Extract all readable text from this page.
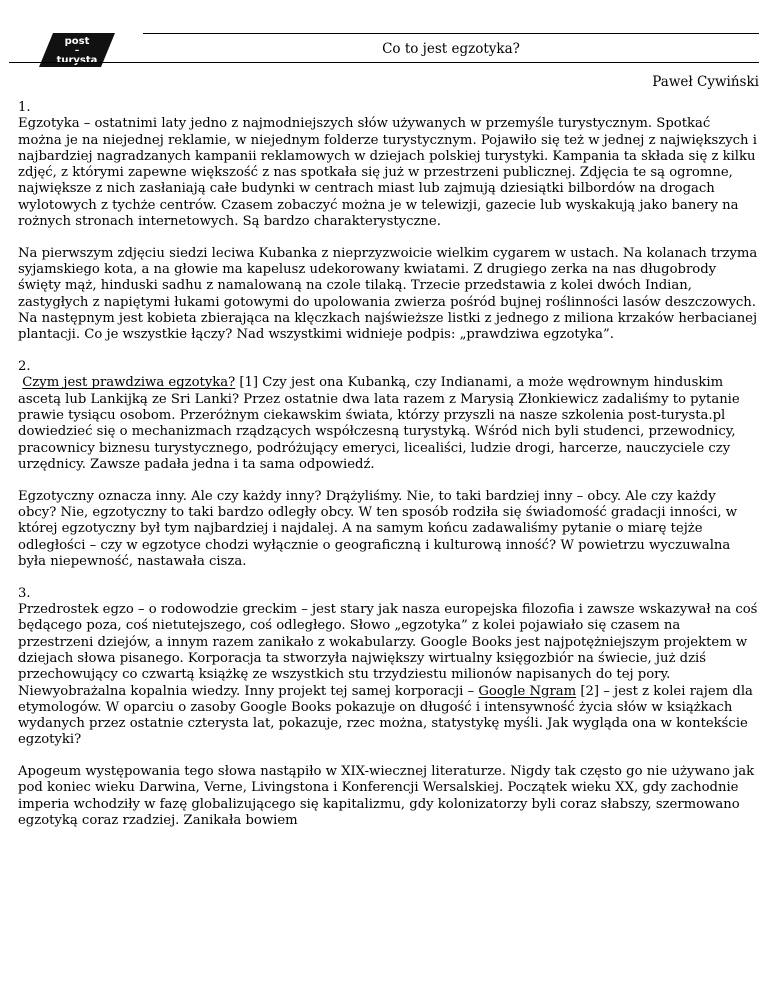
post
–
turysta
Co to jest egzotyka?
Paweł Cywiński
1.
Egzotyka – ostatnimi laty jedno z najmodniejszych słów używanych w przemyśle turystycznym. Spotkać można je na niejednej reklamie, w niejednym folderze turystycznym. Pojawiło się też w jednej z największych i najbardziej nagradzanych kampanii reklamowych w dziejach polskiej turystyki. Kampania ta składa się z kilku zdjęć, z którymi zapewne większość z nas spotkała się już w przestrzeni publicznej. Zdjęcia te są ogromne, największe z nich zasłaniają całe budynki w centrach miast lub zajmują dziesiątki bilbordów na drogach wylotowych z tychże centrów. Czasem zobaczyć można je w telewizji, gazecie lub wyskakują jako banery na rożnych stronach internetowych. Są bardzo charakterystyczne.
Na pierwszym zdjęciu siedzi leciwa Kubanka z nieprzyzwoicie wielkim cygarem w ustach. Na kolanach trzyma syjamskiego kota, a na głowie ma kapelusz udekorowany kwiatami. Z drugiego zerka na nas długobrody święty mąż, hinduski sadhu z namalowaną na czole tilaką. Trzecie przedstawia z kolei dwóch Indian, zastygłych z napiętymi łukami gotowymi do upolowania zwierza pośród bujnej roślinności lasów deszczowych. Na następnym jest kobieta zbierająca na klęczkach najświeższe listki z jednego z miliona krzaków herbacianej plantacji. Co je wszystkie łączy? Nad wszystkimi widnieje podpis: „prawdziwa egzotyka”.
2.
Czym jest prawdziwa egzotyka? [1] Czy jest ona Kubanką, czy Indianami, a może wędrownym hinduskim ascetą lub Lankijką ze Sri Lanki? Przez ostatnie dwa lata razem z Marysią Złonkiewicz zadaliśmy to pytanie prawie tysiącu osobom. Przeróżnym ciekawskim świata, którzy przyszli na nasze szkolenia post-turysta.pl dowiedzieć się o mechanizmach rządzących współczesną turystyką. Wśród nich byli studenci, przewodnicy, pracownicy biznesu turystycznego, podróżujący emeryci, licealiści, ludzie drogi, harcerze, nauczyciele czy urzędnicy. Zawsze padała jedna i ta sama odpowiedź.
Egzotyczny oznacza inny. Ale czy każdy inny? Drążyliśmy. Nie, to taki bardziej inny – obcy. Ale czy każdy obcy? Nie, egzotyczny to taki bardzo odległy obcy. W ten sposób rodziła się świadomość gradacji inności, w której egzotyczny był tym najbardziej i najdalej. A na samym końcu zadawaliśmy pytanie o miarę tejże odległości – czy w egzotyce chodzi wyłącznie o geograficzną i kulturową inność? W powietrzu wyczuwalna była niepewność, nastawała cisza.
3.
Przedrostek egzo – o rodowodzie greckim – jest stary jak nasza europejska filozofia i zawsze wskazywał na coś będącego poza, coś nietutejszego, coś odległego. Słowo „egzotyka” z kolei pojawiało się czasem na przestrzeni dziejów, a innym razem zanikało z wokabularzy. Google Books jest najpotężniejszym projektem w dziejach słowa pisanego. Korporacja ta stworzyła największy wirtualny księgozbiór na świecie, już dziś przechowujący co czwartą książkę ze wszystkich stu trzydziestu milionów napisanych do tej pory. Niewyobrażalna kopalnia wiedzy. Inny projekt tej samej korporacji – Google Ngram [2] – jest z kolei rajem dla etymologów. W oparciu o zasoby Google Books pokazuje on długość i intensywność życia słów w książkach wydanych przez ostatnie czterysta lat, pokazuje, rzec można, statystykę myśli. Jak wygląda ona w kontekście egzotyki?
Apogeum występowania tego słowa nastąpiło w XIX-wiecznej literaturze. Nigdy tak często go nie używano jak pod koniec wieku Darwina, Verne, Livingstona i Konferencji Wersalskiej. Początek wieku XX, gdy zachodnie imperia wchodziły w fazę globalizującego się kapitalizmu, gdy kolonizatorzy byli coraz słabszy, szermowano egzotyką coraz rzadziej. Zanikała bowiem
